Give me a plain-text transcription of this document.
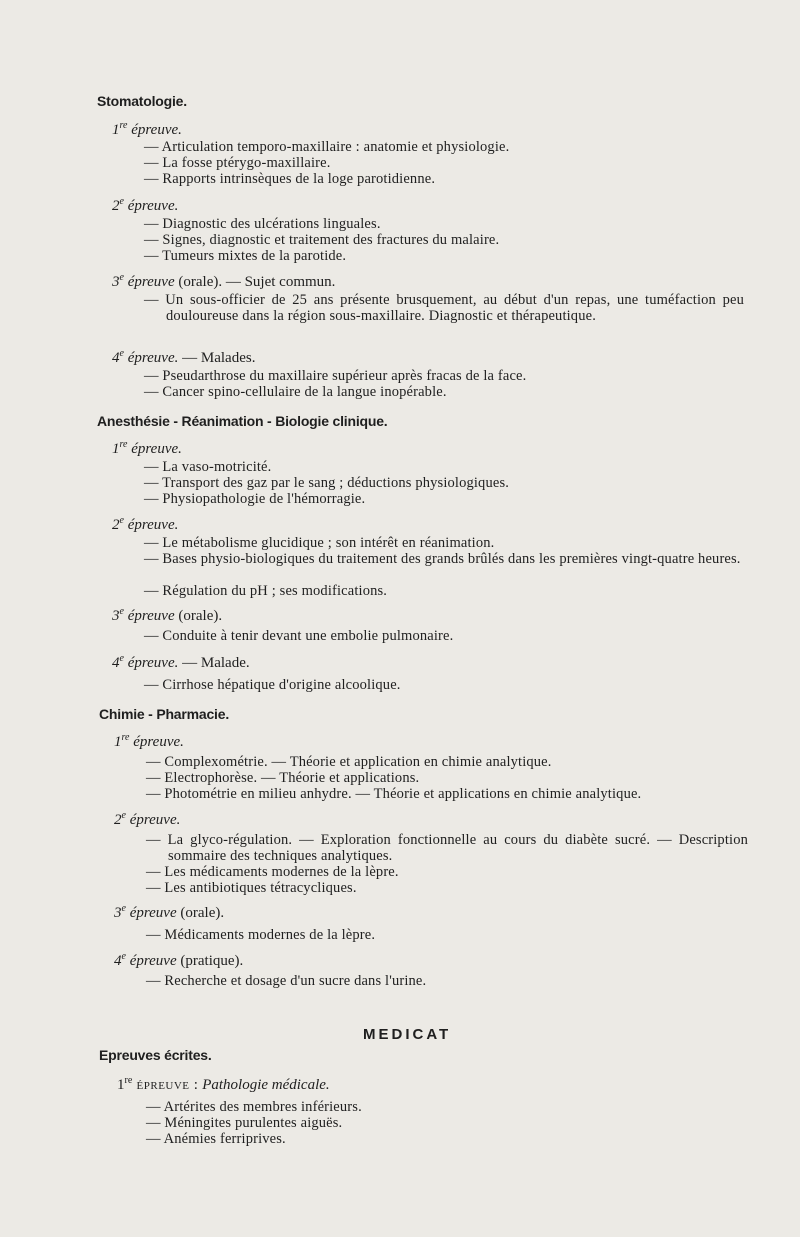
Stomatologie.
1re épreuve.
— Articulation temporo-maxillaire : anatomie et physiologie.
— La fosse ptérygo-maxillaire.
— Rapports intrinsèques de la loge parotidienne.
2e épreuve.
— Diagnostic des ulcérations linguales.
— Signes, diagnostic et traitement des fractures du malaire.
— Tumeurs mixtes de la parotide.
3e épreuve (orale). — Sujet commun.
— Un sous-officier de 25 ans présente brusquement, au début d'un repas, une tuméfaction peu douloureuse dans la région sous-maxillaire. Diagnostic et thérapeutique.
4e épreuve. — Malades.
— Pseudarthrose du maxillaire supérieur après fracas de la face.
— Cancer spino-cellulaire de la langue inopérable.
Anesthésie - Réanimation - Biologie clinique.
1re épreuve.
— La vaso-motricité.
— Transport des gaz par le sang ; déductions physiologiques.
— Physiopathologie de l'hémorragie.
2e épreuve.
— Le métabolisme glucidique ; son intérêt en réanimation.
— Bases physio-biologiques du traitement des grands brûlés dans les premières vingt-quatre heures.
— Régulation du pH ; ses modifications.
3e épreuve (orale).
— Conduite à tenir devant une embolie pulmonaire.
4e épreuve. — Malade.
— Cirrhose hépatique d'origine alcoolique.
Chimie - Pharmacie.
1re épreuve.
— Complexométrie. — Théorie et application en chimie analytique.
— Electrophorèse. — Théorie et applications.
— Photométrie en milieu anhydre. — Théorie et applications en chimie analytique.
2e épreuve.
— La glyco-régulation. — Exploration fonctionnelle au cours du diabète sucré. — Description sommaire des techniques analytiques.
— Les médicaments modernes de la lèpre.
— Les antibiotiques tétracycliques.
3e épreuve (orale).
— Médicaments modernes de la lèpre.
4e épreuve (pratique).
— Recherche et dosage d'un sucre dans l'urine.
MEDICAT
Epreuves écrites.
1re épreuve : Pathologie médicale.
— Artérites des membres inférieurs.
— Méningites purulentes aiguës.
— Anémies ferriprives.
